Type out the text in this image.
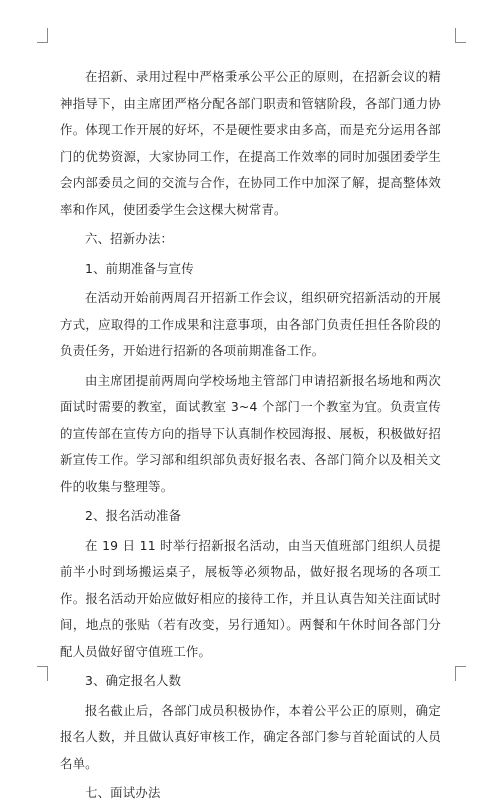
在招新、录用过程中严格秉承公平公正的原则，在招新会议的精神指导下，由主席团严格分配各部门职责和管辖阶段，各部门通力协作。体现工作开展的好坏，不是硬性要求由多高，而是充分运用各部门的优势资源，大家协同工作，在提高工作效率的同时加强团委学生会内部委员之间的交流与合作，在协同工作中加深了解，提高整体效率和作风，使团委学生会这棵大树常青。

六、招新办法：

1、前期准备与宣传

在活动开始前两周召开招新工作会议，组织研究招新活动的开展方式，应取得的工作成果和注意事项，由各部门负责任担任各阶段的负责任务，开始进行招新的各项前期准备工作。

由主席团提前两周向学校场地主管部门申请招新报名场地和两次面试时需要的教室，面试教室 3~4 个部门一个教室为宜。负责宣传的宣传部在宣传方向的指导下认真制作校园海报、展板，积极做好招新宣传工作。学习部和组织部负责好报名表、各部门简介以及相关文件的收集与整理等。

2、报名活动准备

在 19 日 11 时举行招新报名活动，由当天值班部门组织人员提前半小时到场搬运桌子，展板等必须物品，做好报名现场的各项工作。报名活动开始应做好相应的接待工作，并且认真告知关注面试时间，地点的张贴（若有改变，另行通知）。两餐和午休时间各部门分配人员做好留守值班工作。

3、确定报名人数

报名截止后，各部门成员积极协作，本着公平公正的原则，确定报名人数，并且做认真好审核工作，确定各部门参与首轮面试的人员名单。

七、面试办法
